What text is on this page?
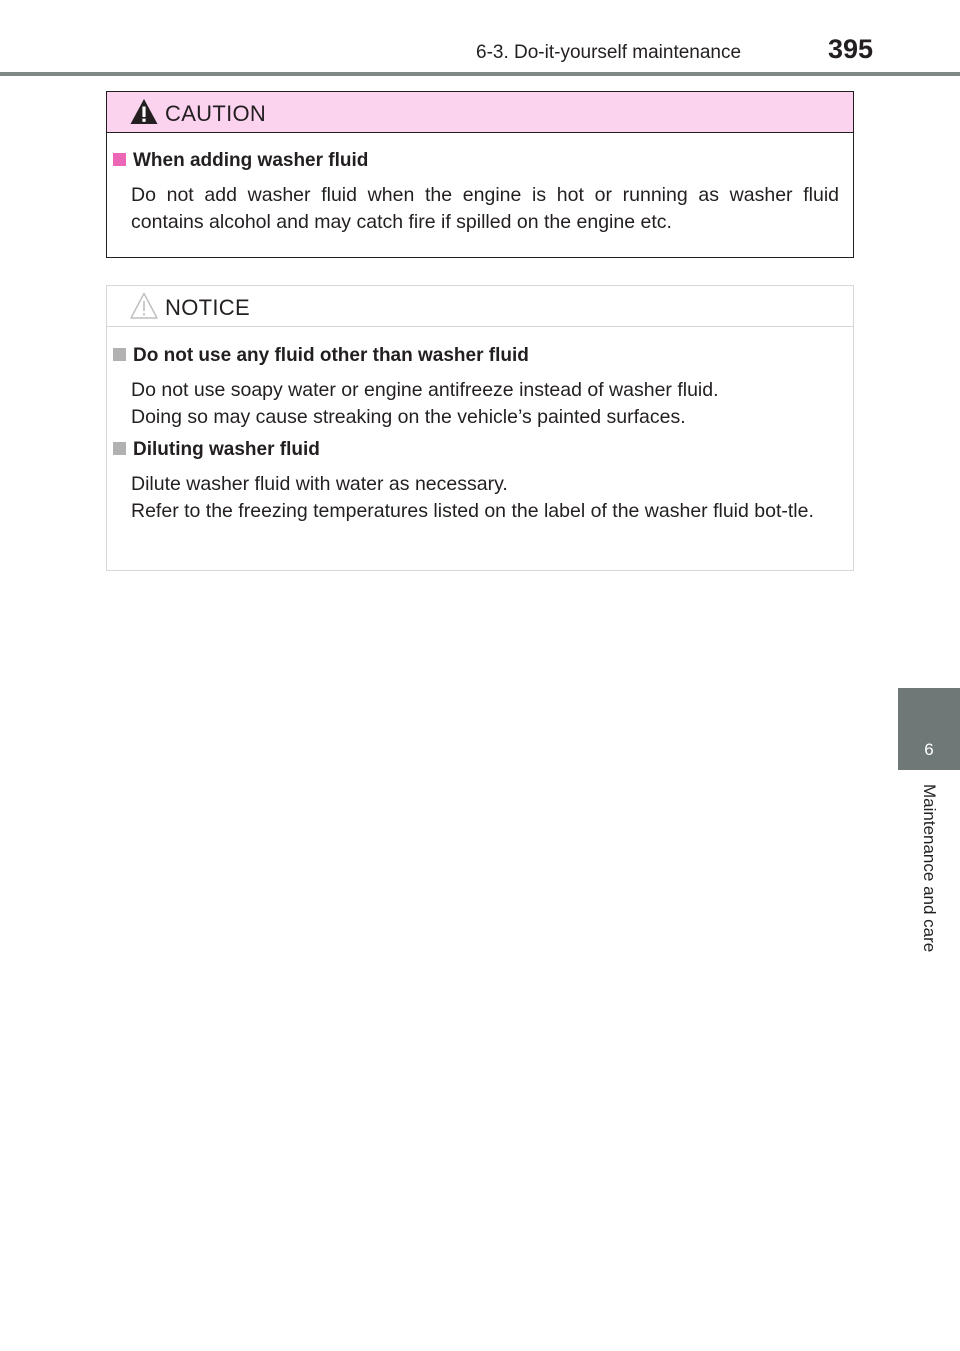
6-3. Do-it-yourself maintenance	395
6
Maintenance and care
CAUTION
When adding washer fluid

Do not add washer fluid when the engine is hot or running as washer fluid contains alcohol and may catch fire if spilled on the engine etc.

NOTICE
Do not use any fluid other than washer fluid

Do not use soapy water or engine antifreeze instead of washer fluid.

Doing so may cause streaking on the vehicle’s painted surfaces.

Diluting washer fluid

Dilute washer fluid with water as necessary.

Refer to the freezing temperatures listed on the label of the washer fluid bot-tle.
